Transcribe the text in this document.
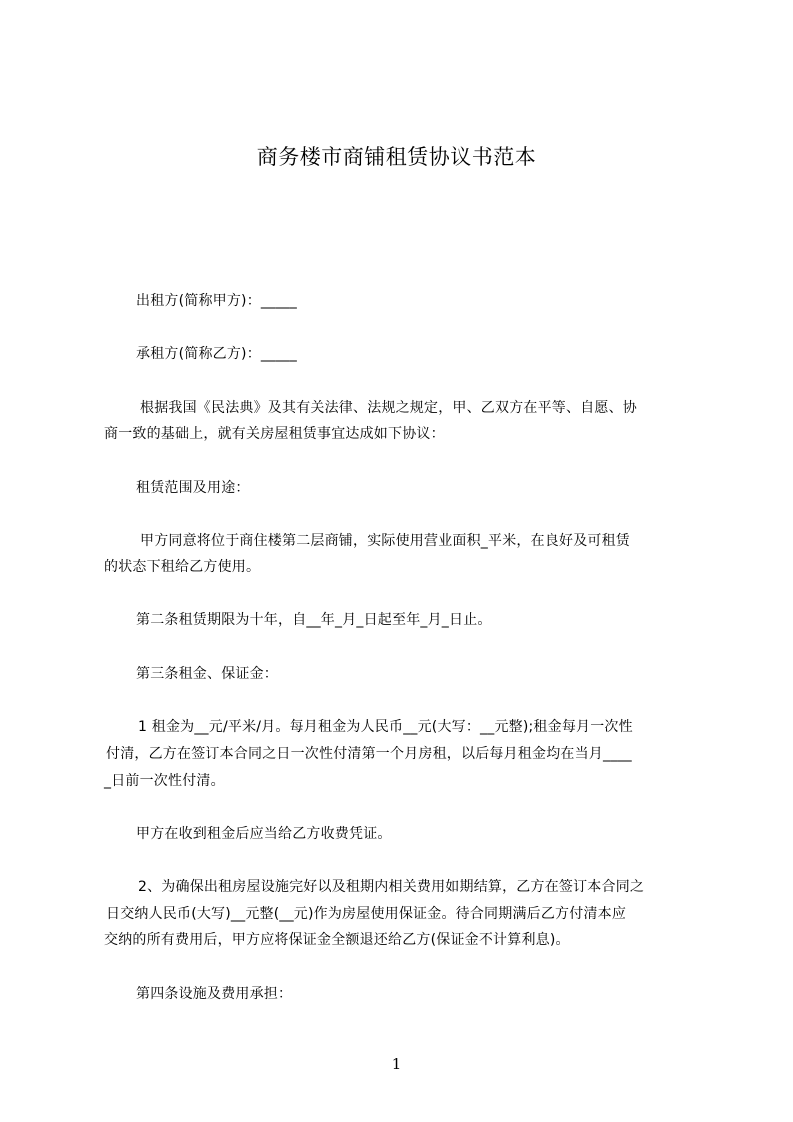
商务楼市商铺租赁协议书范本
出租方(简称甲方)：_____
承租方(简称乙方)：_____
根据我国《民法典》及其有关法律、法规之规定，甲、乙双方在平等、自愿、协
商一致的基础上，就有关房屋租赁事宜达成如下协议：
租赁范围及用途：
甲方同意将位于商住楼第二层商铺，实际使用营业面积_平米，在良好及可租赁
的状态下租给乙方使用。
第二条租赁期限为十年，自__年_月_日起至年_月_日止。
第三条租金、保证金：
1 租金为__元/平米/月。每月租金为人民币__元(大写：__元整);租金每月一次性
付清，乙方在签订本合同之日一次性付清第一个月房租，以后每月租金均在当月____
_日前一次性付清。
甲方在收到租金后应当给乙方收费凭证。
2、为确保出租房屋设施完好以及租期内相关费用如期结算，乙方在签订本合同之
日交纳人民币(大写)__元整(__元)作为房屋使用保证金。待合同期满后乙方付清本应
交纳的所有费用后，甲方应将保证金全额退还给乙方(保证金不计算利息)。
第四条设施及费用承担：
1
